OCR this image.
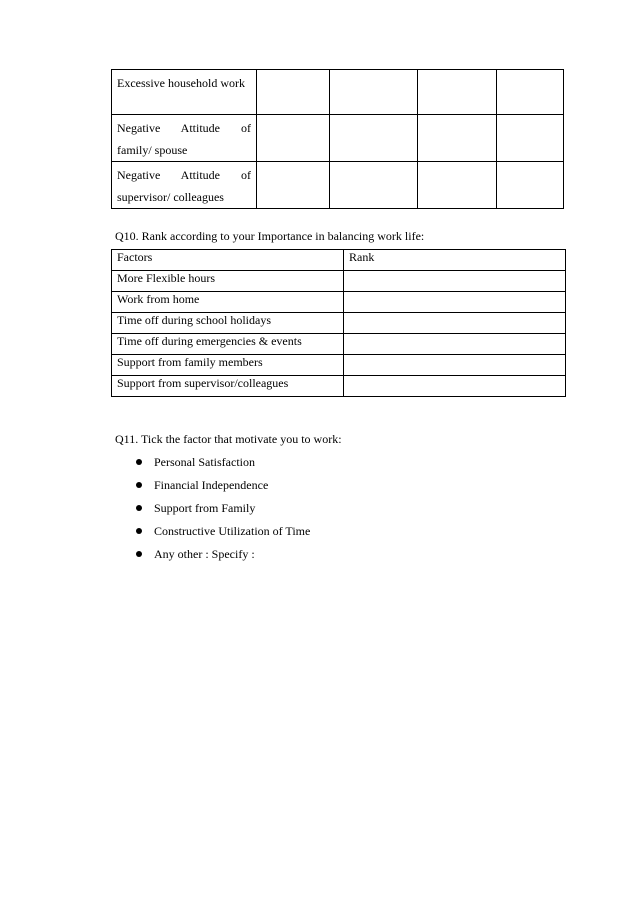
Excessive household work				
Negative Attitude of family/ spouse				
Negative Attitude of supervisor/ colleagues				
Q10. Rank according to your Importance in balancing work life:
Factors	Rank
More Flexible hours	
Work from home	
Time off during school holidays	
Time off during emergencies & events	
Support from family members	
Support from supervisor/colleagues	
Q11. Tick the factor that motivate you to work:
Personal Satisfaction
Financial Independence
Support from Family
Constructive Utilization of Time
Any other : Specify :
